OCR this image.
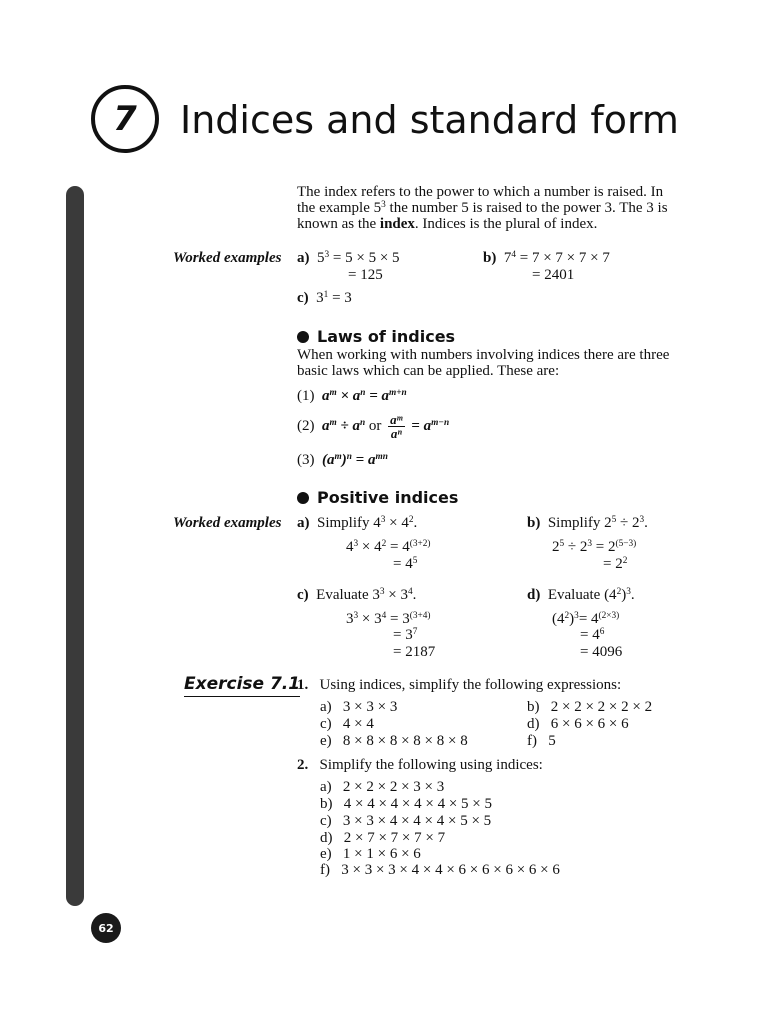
7 Indices and standard form
62
The index refers to the power to which a number is raised. In
the example $5^3$ the number 5 is raised to the power 3. The 3 is
known as the index. Indices is the plural of index.
Worked examples a) $5^3 = 5 \times 5 \times 5$
= 125
b) $7^4 = 7 \times 7 \times 7 \times 7$
= 2401
c) $3^1 = 3$
Laws of indices
When working with numbers involving indices there are three
basic laws which can be applied. These are:
(1) $a^m \times a^n = a^{m+n}$
(2) $a^m \div a^n$ or $\frac{\text{aᵐ}}{\text{aⁿ}} = a^{m-n}$
(3) $(a^m)^n = a^{mn}$
Positive indices
Worked examples a) Simplify $4^3 \times 4^2$.
$4^3 \times 4^2 = 4^{(3+2)}$
= $4^5$
b) Simplify $2^5 \div 2^3$.
$2^5 \div 2^3 = 2^{(5-3)}$
= $2^2$
c) Evaluate $3^3 \times 3^4$.
$3^3 \times 3^4 = 3^{(3+4)}$
= $3^7$
= 2187
d) Evaluate $(4^2)^3$.
$(4^2)^3= 4^{(2\times 3)}$
= $4^6$
= 4096
Exercise 7.1
1. Using indices, simplify the following expressions:
a) 3 × 3 × 3	b) 2 × 2 × 2 × 2 × 2
c) 4 × 4	d) 6 × 6 × 6 × 6
e) 8 × 8 × 8 × 8 × 8 × 8	f) 5
2. Simplify the following using indices:
a) 2 × 2 × 2 × 3 × 3
b) 4 × 4 × 4 × 4 × 4 × 5 × 5
c) 3 × 3 × 4 × 4 × 4 × 5 × 5
d) 2 × 7 × 7 × 7 × 7
e) 1 × 1 × 6 × 6
f) 3 × 3 × 3 × 4 × 4 × 6 × 6 × 6 × 6 × 6
